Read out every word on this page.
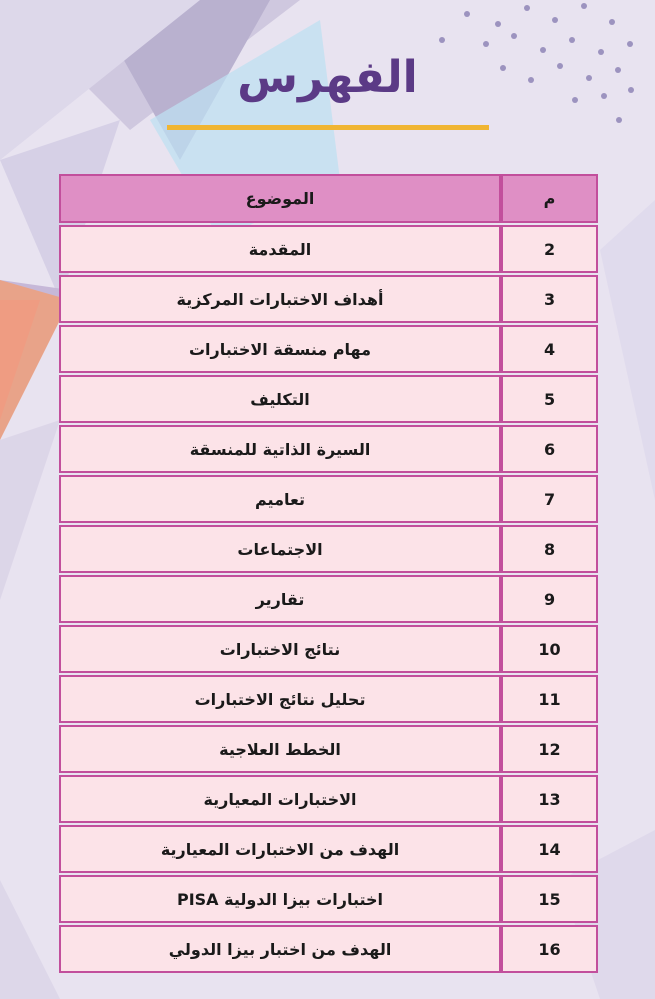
الفهرس
م
الموضوع
2
المقدمة
3
أهداف الاختبارات المركزية
4
مهام منسقة الاختبارات
5
التكليف
6
السيرة الذاتية للمنسقة
7
تعاميم
8
الاجتماعات
9
تقارير
10
نتائج الاختبارات
11
تحليل نتائج الاختبارات
12
الخطط العلاجية
13
الاختبارات المعيارية
14
الهدف من الاختبارات المعيارية
15
اختبارات بيزا الدولية PISA
16
الهدف من اختبار بيزا الدولي
